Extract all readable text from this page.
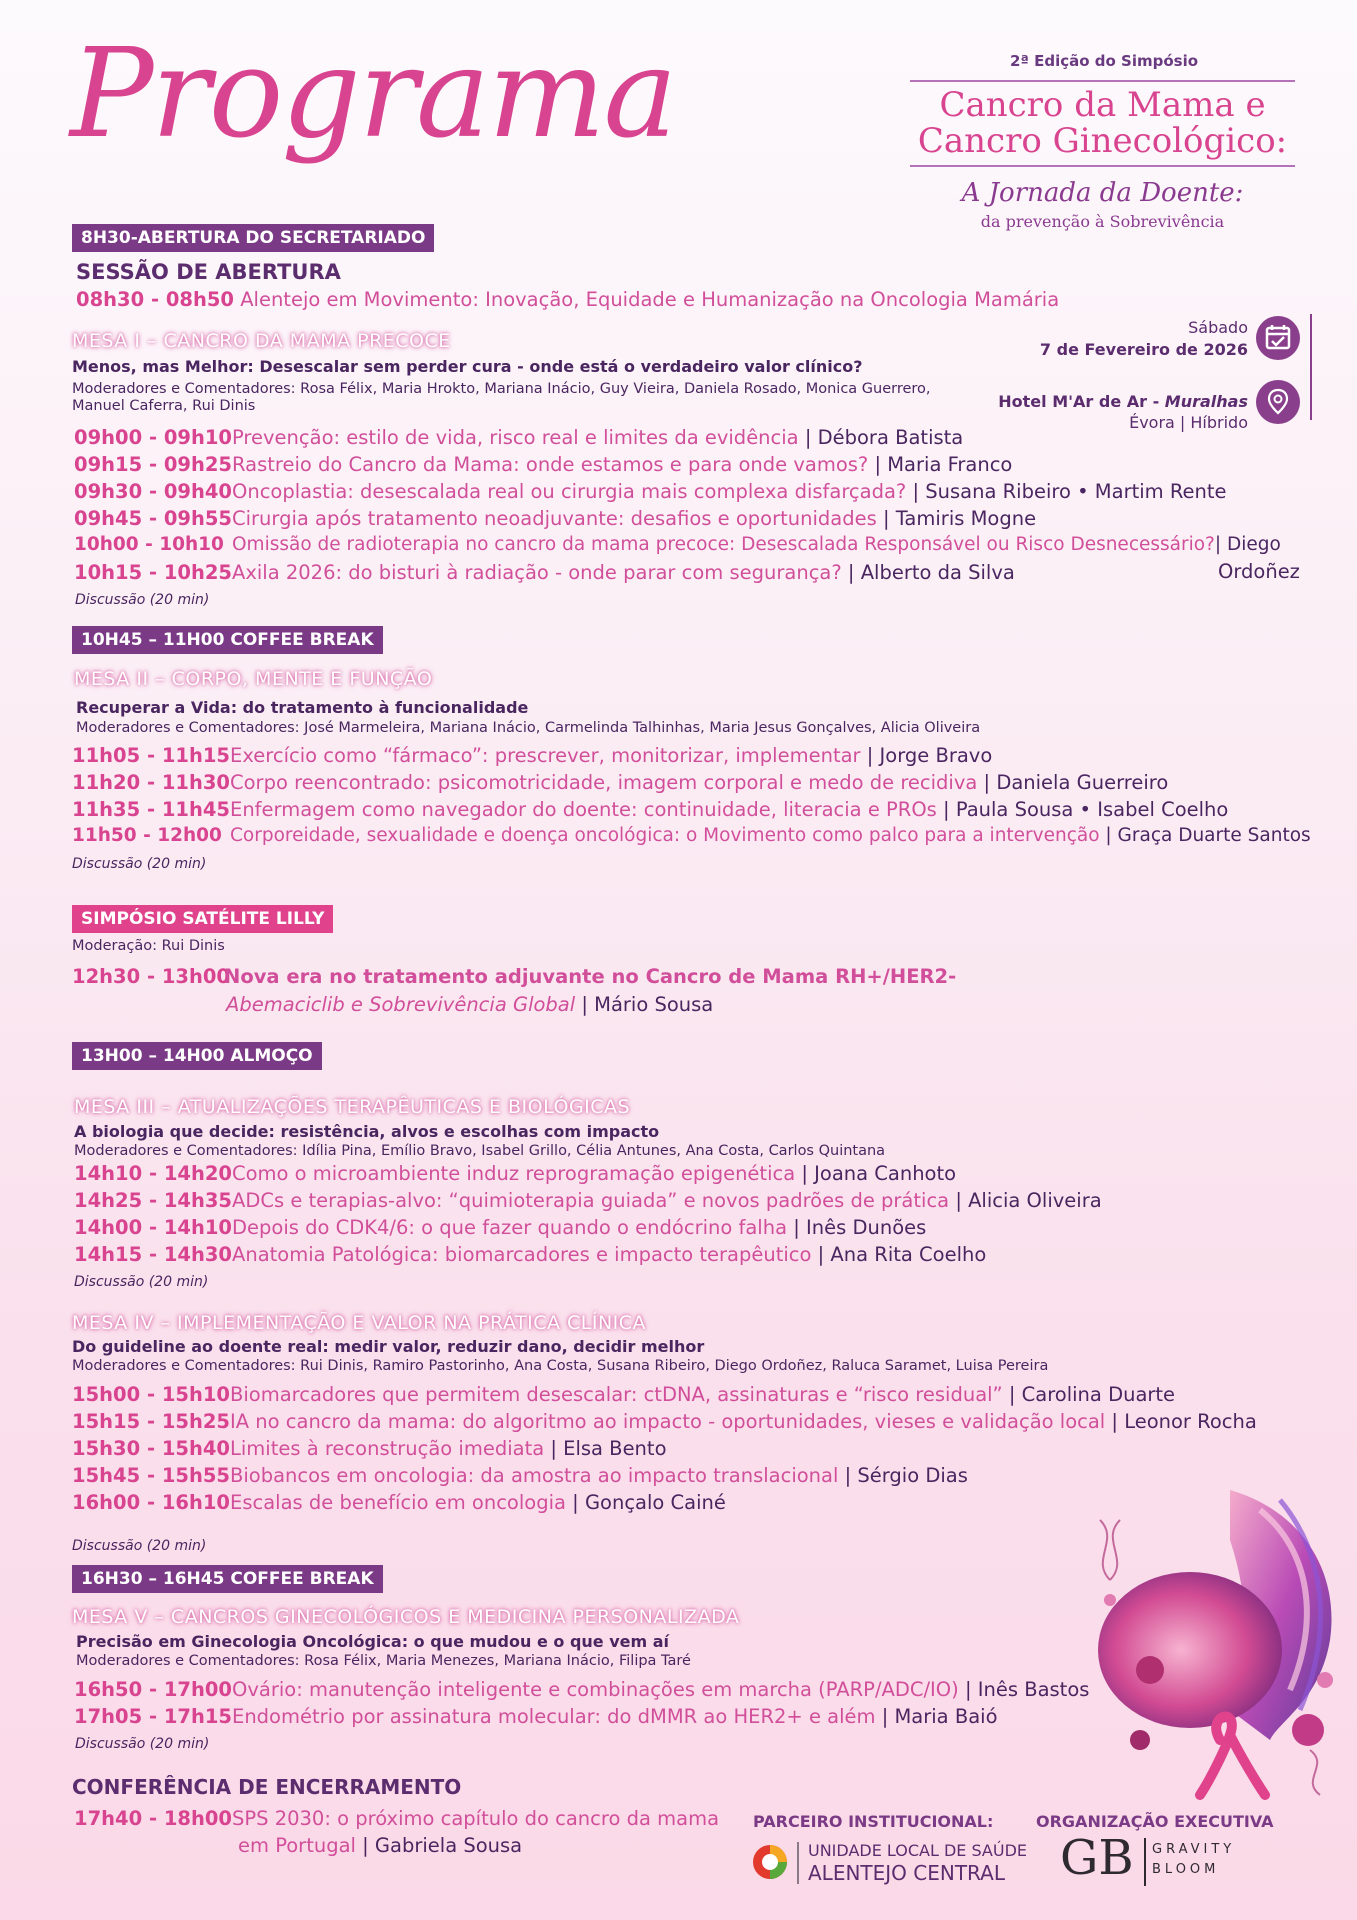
Programa	2ª Edição do Simpósio
Cancro da Mama e
Cancro Ginecológico:
A Jornada da Doente:
da prevenção à Sobrevivência
Sábado
7 de Fevereiro de 2026
Hotel M'Ar de Ar - Muralhas
Évora | Híbrido
8H30-ABERTURA DO SECRETARIADO
SESSÃO DE ABERTURA
08h30 - 08h50 Alentejo em Movimento: Inovação, Equidade e Humanização na Oncologia Mamária
MESA I – CANCRO DA MAMA PRECOCE
Menos, mas Melhor: Desescalar sem perder cura - onde está o verdadeiro valor clínico?
Moderadores e Comentadores: Rosa Félix, Maria Hrokto, Mariana Inácio, Guy Vieira, Daniela Rosado, Monica Guerrero,
Manuel Caferra, Rui Dinis
09h00 - 09h10Prevenção: estilo de vida, risco real e limites da evidência | Débora Batista
09h15 - 09h25Rastreio do Cancro da Mama: onde estamos e para onde vamos? | Maria Franco
09h30 - 09h40Oncoplastia: desescalada real ou cirurgia mais complexa disfarçada? | Susana Ribeiro • Martim Rente
09h45 - 09h55Cirurgia após tratamento neoadjuvante: desafios e oportunidades | Tamiris Mogne
10h00 - 10h10 Omissão de radioterapia no cancro da mama precoce: Desescalada Responsável ou Risco Desnecessário?| Diego
10h15 - 10h25Axila 2026: do bisturi à radiação - onde parar com segurança? | Alberto da Silva	Ordoñez
Discussão (20 min)
10H45 – 11H00 COFFEE BREAK
MESA II – CORPO, MENTE E FUNÇÃO
Recuperar a Vida: do tratamento à funcionalidade
Moderadores e Comentadores: José Marmeleira, Mariana Inácio, Carmelinda Talhinhas, Maria Jesus Gonçalves, Alicia Oliveira
11h05 - 11h15Exercício como “fármaco”: prescrever, monitorizar, implementar | Jorge Bravo
11h20 - 11h30Corpo reencontrado: psicomotricidade, imagem corporal e medo de recidiva | Daniela Guerreiro
11h35 - 11h45Enfermagem como navegador do doente: continuidade, literacia e PROs | Paula Sousa • Isabel Coelho
11h50 - 12h00 Corporeidade, sexualidade e doença oncológica: o Movimento como palco para a intervenção | Graça Duarte Santos
Discussão (20 min)
SIMPÓSIO SATÉLITE LILLY
Moderação: Rui Dinis
12h30 - 13h00Nova era no tratamento adjuvante no Cancro de Mama RH+/HER2-
Abemaciclib e Sobrevivência Global | Mário Sousa
13H00 – 14H00 ALMOÇO
MESA III – ATUALIZAÇÕES TERAPÊUTICAS E BIOLÓGICAS
A biologia que decide: resistência, alvos e escolhas com impacto
Moderadores e Comentadores: Idília Pina, Emílio Bravo, Isabel Grillo, Célia Antunes, Ana Costa, Carlos Quintana
14h10 - 14h20Como o microambiente induz reprogramação epigenética | Joana Canhoto
14h25 - 14h35ADCs e terapias-alvo: “quimioterapia guiada” e novos padrões de prática | Alicia Oliveira
14h00 - 14h10Depois do CDK4/6: o que fazer quando o endócrino falha | Inês Dunões
14h15 - 14h30Anatomia Patológica: biomarcadores e impacto terapêutico | Ana Rita Coelho
Discussão (20 min)
MESA IV – IMPLEMENTAÇÃO E VALOR NA PRÁTICA CLÍNICA
Do guideline ao doente real: medir valor, reduzir dano, decidir melhor
Moderadores e Comentadores: Rui Dinis, Ramiro Pastorinho, Ana Costa, Susana Ribeiro, Diego Ordoñez, Raluca Saramet, Luisa Pereira
15h00 - 15h10Biomarcadores que permitem desescalar: ctDNA, assinaturas e “risco residual” | Carolina Duarte
15h15 - 15h25IA no cancro da mama: do algoritmo ao impacto - oportunidades, vieses e validação local | Leonor Rocha
15h30 - 15h40Limites à reconstrução imediata | Elsa Bento
15h45 - 15h55Biobancos em oncologia: da amostra ao impacto translacional | Sérgio Dias
16h00 - 16h10Escalas de benefício em oncologia | Gonçalo Cainé
Discussão (20 min)
16H30 – 16H45 COFFEE BREAK
MESA V – CANCROS GINECOLÓGICOS E MEDICINA PERSONALIZADA
Precisão em Ginecologia Oncológica: o que mudou e o que vem aí
Moderadores e Comentadores: Rosa Félix, Maria Menezes, Mariana Inácio, Filipa Taré
16h50 - 17h00Ovário: manutenção inteligente e combinações em marcha (PARP/ADC/IO) | Inês Bastos
17h05 - 17h15Endométrio por assinatura molecular: do dMMR ao HER2+ e além | Maria Baió
Discussão (20 min)
CONFERÊNCIA DE ENCERRAMENTO
17h40 - 18h00SPS 2030: o próximo capítulo do cancro da mama
em Portugal | Gabriela Sousa
PARCEIRO INSTITUCIONAL:
UNIDADE LOCAL DE SAÚDE
ALENTEJO CENTRAL
ORGANIZAÇÃO EXECUTIVA
GB GRAVITY
BLOOM
